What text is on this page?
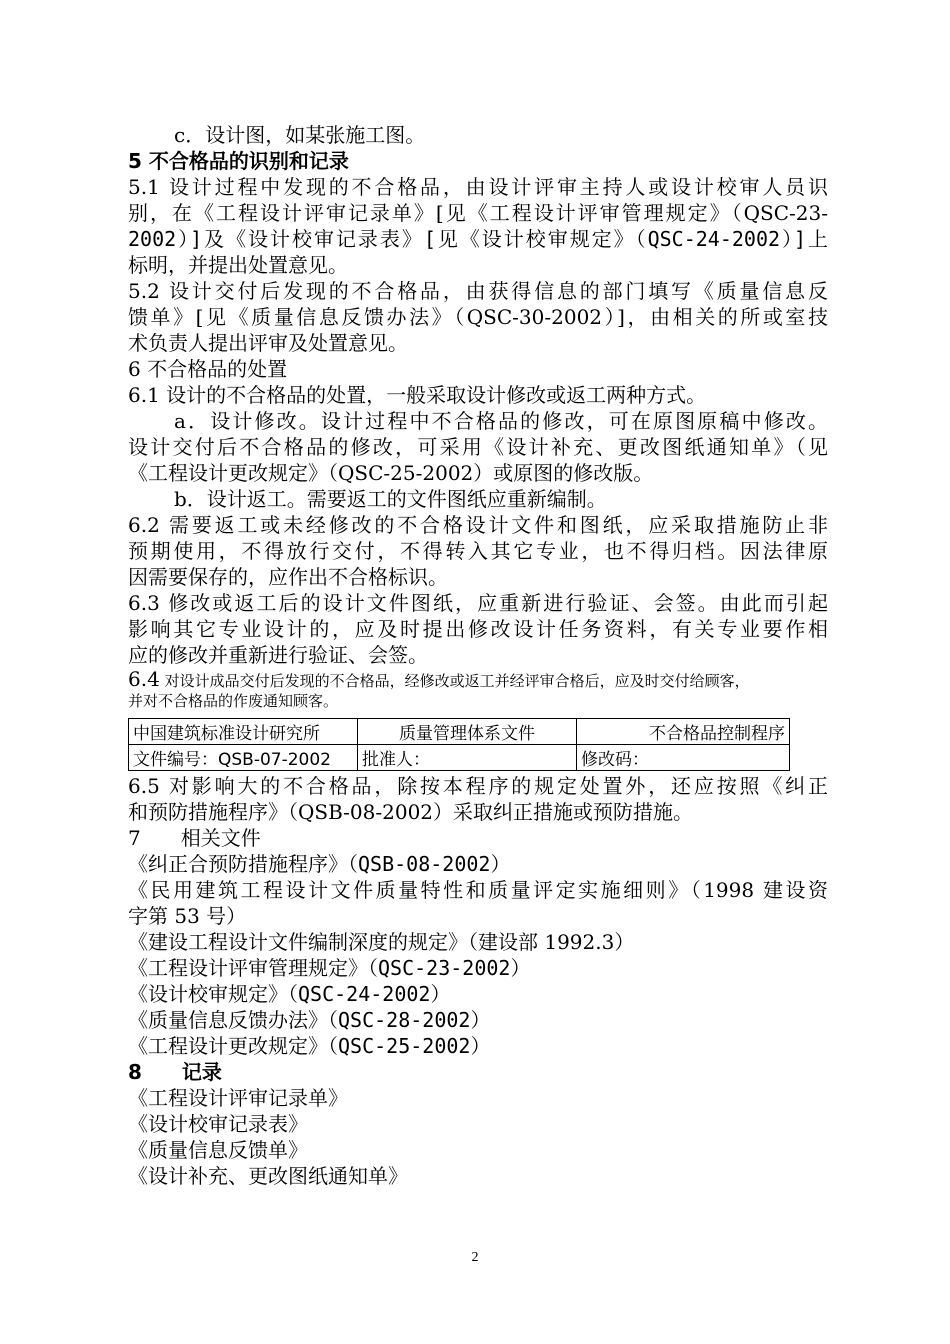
c．设计图，如某张施工图。
5 不合格品的识别和记录
5.1 设计过程中发现的不合格品，由设计评审主持人或设计校审人员识
别，在《工程设计评审记录单》[见《工程设计评审管理规定》（QSC-23-
2002）]及《设计校审记录表》[见《设计校审规定》（QSC-24-2002）]上
标明，并提出处置意见。
5.2 设计交付后发现的不合格品，由获得信息的部门填写《质量信息反
馈单》[见《质量信息反馈办法》（QSC-30-2002）]，由相关的所或室技
术负责人提出评审及处置意见。
6 不合格品的处置
6.1 设计的不合格品的处置，一般采取设计修改或返工两种方式。
a．设计修改。设计过程中不合格品的修改，可在原图原稿中修改。
设计交付后不合格品的修改，可采用《设计补充、更改图纸通知单》（见
《工程设计更改规定》（QSC-25-2002）或原图的修改版。
b．设计返工。需要返工的文件图纸应重新编制。
6.2 需要返工或未经修改的不合格设计文件和图纸，应采取措施防止非
预期使用，不得放行交付，不得转入其它专业，也不得归档。因法律原
因需要保存的，应作出不合格标识。
6.3 修改或返工后的设计文件图纸，应重新进行验证、会签。由此而引起
影响其它专业设计的，应及时提出修改设计任务资料，有关专业要作相
应的修改并重新进行验证、会签。
6.4 对设计成品交付后发现的不合格品，经修改或返工并经评审合格后，应及时交付给顾客，
并对不合格品的作废通知顾客。
中国建筑标准设计研究所	质量管理体系文件	不合格品控制程序
文件编号：QSB-07-2002	批准人：	修改码：
6.5 对影响大的不合格品，除按本程序的规定处置外，还应按照《纠正
和预防措施程序》（QSB-08-2002）采取纠正措施或预防措施。
7　　相关文件
《纠正合预防措施程序》（QSB-08-2002）
《民用建筑工程设计文件质量特性和质量评定实施细则》（1998 建设资
字第 53 号）
《建设工程设计文件编制深度的规定》（建设部 1992.3）
《工程设计评审管理规定》（QSC-23-2002）
《设计校审规定》（QSC-24-2002）
《质量信息反馈办法》（QSC-28-2002）
《工程设计更改规定》（QSC-25-2002）
8　　记录
《工程设计评审记录单》
《设计校审记录表》
《质量信息反馈单》
《设计补充、更改图纸通知单》
2
